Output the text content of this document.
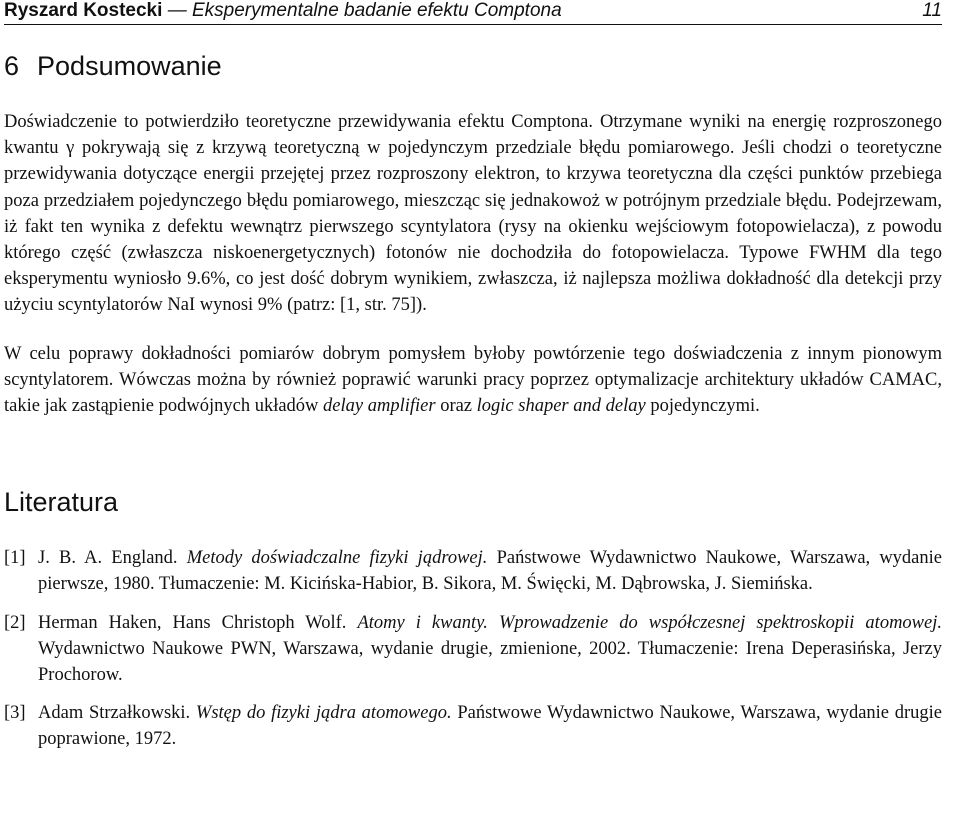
Ryszard Kostecki — Eksperymentalne badanie efektu Comptona	11
6 Podsumowanie

Doświadczenie to potwierdziło teoretyczne przewidywania efektu Comptona. Otrzymane wyniki na energię rozproszonego kwantu γ pokrywają się z krzywą teoretyczną w pojedynczym przedziale błędu pomiarowego. Jeśli chodzi o teoretyczne przewidywania dotyczące energii przejętej przez rozproszony elektron, to krzywa teoretyczna dla części punktów przebiega poza przedziałem pojedynczego błędu pomiarowego, mieszcząc się jednakowoż w potrójnym przedziale błędu. Podejrzewam, iż fakt ten wynika z defektu wewnątrz pierwszego scyntylatora (rysy na okienku wejściowym fotopowielacza), z powodu którego część (zwłaszcza niskoenergetycznych) fotonów nie dochodziła do fotopowielacza. Typowe FWHM dla tego eksperymentu wyniosło 9.6%, co jest dość dobrym wynikiem, zwłaszcza, iż najlepsza możliwa dokładność dla detekcji przy użyciu scyntylatorów NaI wynosi 9% (patrz: [1, str. 75]).

W celu poprawy dokładności pomiarów dobrym pomysłem byłoby powtórzenie tego doświadczenia z innym pionowym scyntylatorem. Wówczas można by również poprawić warunki pracy poprzez optymalizacje architektury układów CAMAC, takie jak zastąpienie podwójnych układów delay amplifier oraz logic shaper and delay pojedynczymi.

Literatura
[1] J. B. A. England. Metody doświadczalne fizyki jądrowej. Państwowe Wydawnictwo Naukowe, Warszawa, wydanie pierwsze, 1980. Tłumaczenie: M. Kicińska-Habior, B. Sikora, M. Święcki, M. Dąbrowska, J. Siemińska.
[2] Herman Haken, Hans Christoph Wolf. Atomy i kwanty. Wprowadzenie do współczesnej spektroskopii atomowej. Wydawnictwo Naukowe PWN, Warszawa, wydanie drugie, zmienione, 2002. Tłumaczenie: Irena Deperasińska, Jerzy Prochorow.
[3] Adam Strzałkowski. Wstęp do fizyki jądra atomowego. Państwowe Wydawnictwo Naukowe, Warszawa, wydanie drugie poprawione, 1972.
